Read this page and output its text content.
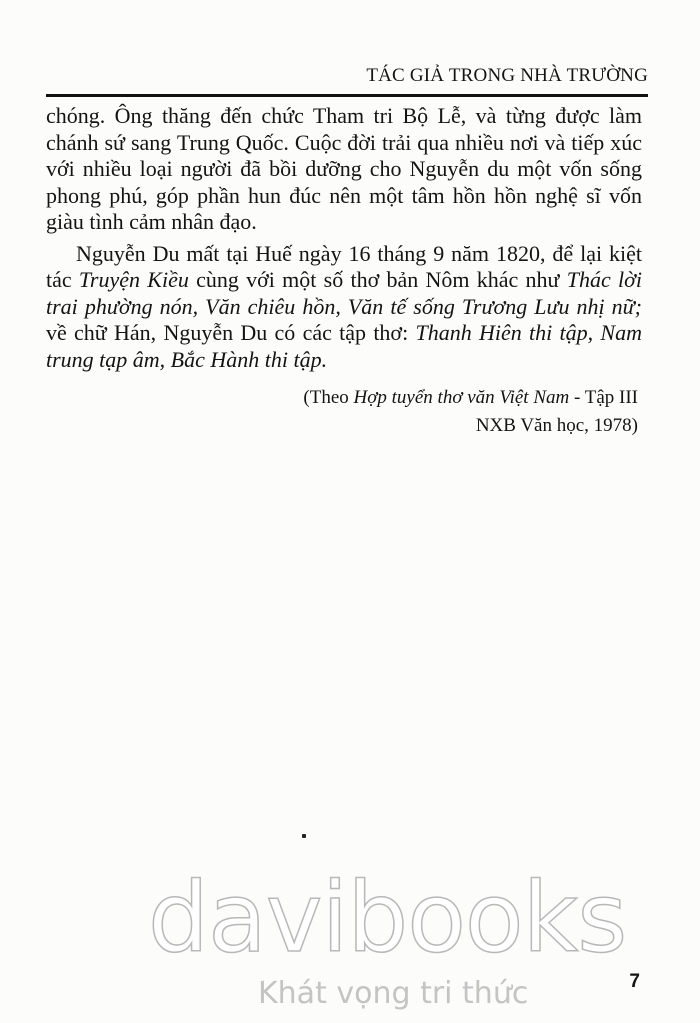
TÁC GIẢ TRONG NHÀ TRƯỜNG

chóng. Ông thăng đến chức Tham tri Bộ Lễ, và từng được làm chánh sứ sang Trung Quốc. Cuộc đời trải qua nhiều nơi và tiếp xúc với nhiều loại người đã bồi dưỡng cho Nguyễn du một vốn sống phong phú, góp phần hun đúc nên một tâm hồn hồn nghệ sĩ vốn giàu tình cảm nhân đạo.

Nguyễn Du mất tại Huế ngày 16 tháng 9 năm 1820, để lại kiệt tác Truyện Kiều cùng với một số thơ bản Nôm khác như Thác lời trai phường nón, Văn chiêu hồn, Văn tế sống Trương Lưu nhị nữ; về chữ Hán, Nguyễn Du có các tập thơ: Thanh Hiên thi tập, Nam trung tạp âm, Bắc Hành thi tập.

(Theo Hợp tuyển thơ văn Việt Nam - Tập III
NXB Văn học, 1978)
davibooks
Khát vọng tri thức	7
